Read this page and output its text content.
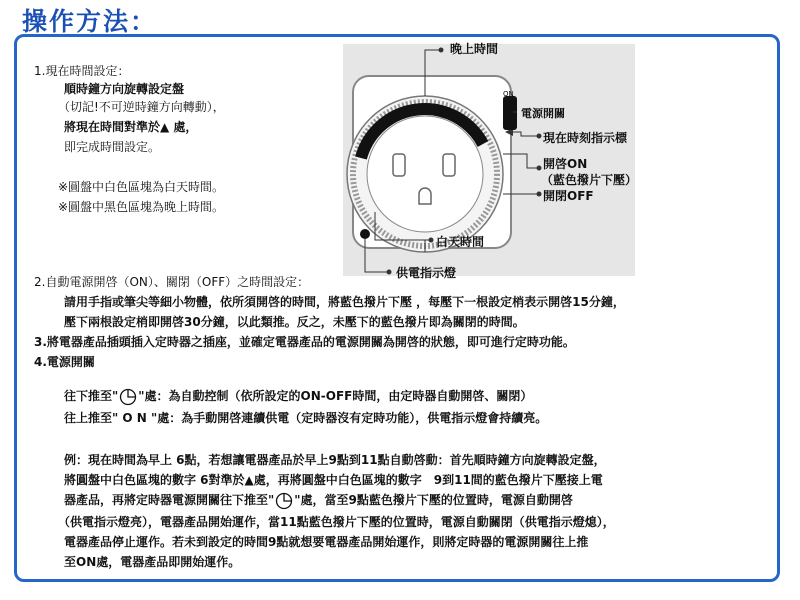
操作方法：
1.現在時間設定：
順時鐘方向旋轉設定盤
（切記!不可逆時鐘方向轉動），
將現在時間對準於▲ 處，
即完成時間設定。
※圓盤中白色區塊為白天時間。
※圓盤中黑色區塊為晚上時間。
晚上時間
電源開關
ON
現在時刻指示標
開啓ON
（藍色撥片下壓）
開閉OFF
白天時間
供電指示燈
2.自動電源開啓（ON）、關閉（OFF）之時間設定：
請用手指或筆尖等細小物體，依所須開啓的時間，將藍色撥片下壓 ，每壓下一根設定梢表示開啓15分鐘，
壓下兩根設定梢即開啓30分鐘，以此類推。反之，未壓下的藍色撥片即為關閉的時間。
3.將電器產品插頭插入定時器之插座，並確定電器產品的電源開關為開啓的狀態，即可進行定時功能。
4.電源開關
往下推至" "處：為自動控制（依所設定的ON-OFF時間，由定時器自動開啓、關閉）
往上推至" O N "處：為手動開啓連續供電（定時器沒有定時功能），供電指示燈會持續亮。
例：現在時間為早上 6點，若想讓電器產品於早上9點到11點自動啓動：首先順時鐘方向旋轉設定盤，
將圓盤中白色區塊的數字 6對準於▲處，再將圓盤中白色區塊的數字　9到11間的藍色撥片下壓接上電
器產品，再將定時器電源開關往下推至" "處，當至9點藍色撥片下壓的位置時，電源自動開啓
（供電指示燈亮），電器產品開始運作，當11點藍色撥片下壓的位置時，電源自動關閉（供電指示燈熄），
電器產品停止運作。若未到設定的時間9點就想要電器產品開始運作，則將定時器的電源開關往上推
至ON處，電器產品即開始運作。
